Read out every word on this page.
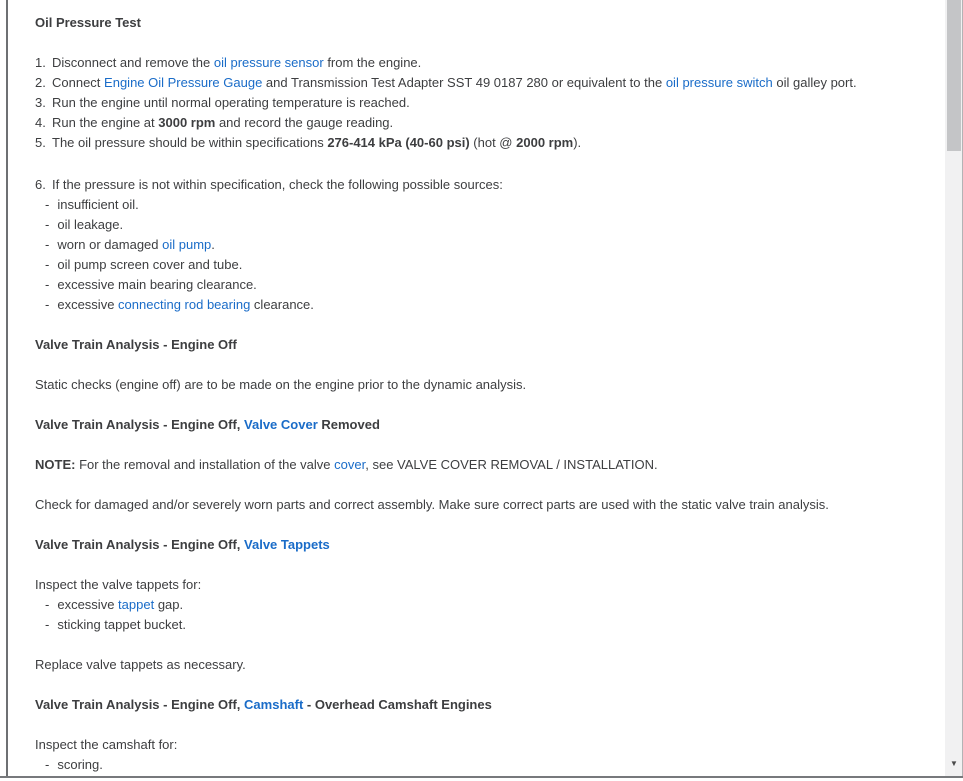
Oil Pressure Test
1. Disconnect and remove the oil pressure sensor from the engine.
2. Connect Engine Oil Pressure Gauge and Transmission Test Adapter SST 49 0187 280 or equivalent to the oil pressure switch oil galley port.
3. Run the engine until normal operating temperature is reached.
4. Run the engine at 3000 rpm and record the gauge reading.
5. The oil pressure should be within specifications 276-414 kPa (40-60 psi) (hot @ 2000 rpm).
6. If the pressure is not within specification, check the following possible sources:
- insufficient oil.
- oil leakage.
- worn or damaged oil pump.
- oil pump screen cover and tube.
- excessive main bearing clearance.
- excessive connecting rod bearing clearance.
Valve Train Analysis - Engine Off
Static checks (engine off) are to be made on the engine prior to the dynamic analysis.
Valve Train Analysis - Engine Off, Valve Cover Removed
NOTE: For the removal and installation of the valve cover, see VALVE COVER REMOVAL / INSTALLATION.
Check for damaged and/or severely worn parts and correct assembly. Make sure correct parts are used with the static valve train analysis.
Valve Train Analysis - Engine Off, Valve Tappets
Inspect the valve tappets for:
- excessive tappet gap.
- sticking tappet bucket.
Replace valve tappets as necessary.
Valve Train Analysis - Engine Off, Camshaft - Overhead Camshaft Engines
Inspect the camshaft for:
- scoring.	▼
